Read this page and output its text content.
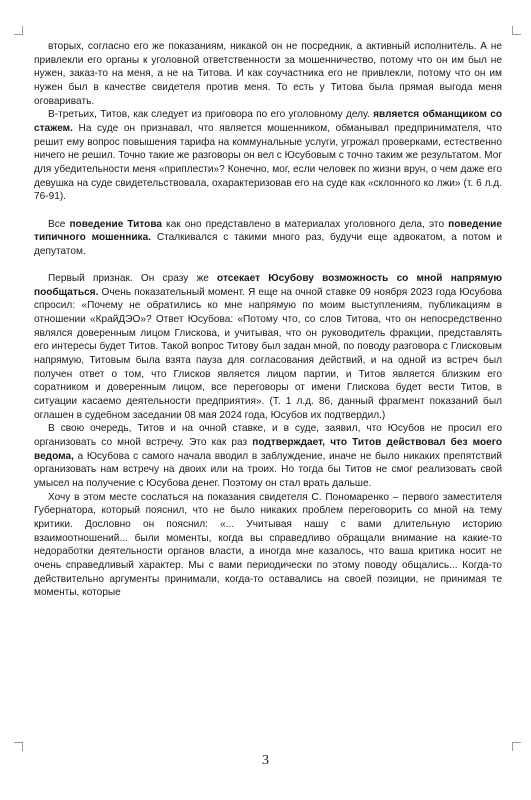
вторых, согласно его же показаниям, никакой он не посредник, а активный исполнитель. А не привлекли его органы к уголовной ответственности за мошенничество, потому что он им был не нужен, заказ-то на меня, а не на Титова. И как соучастника его не привлекли, потому что он им нужен был в качестве свидетеля против меня. То есть у Титова была прямая выгода меня оговаривать.

В-третьих, Титов, как следует из приговора по его уголовному делу. является обманщиком со стажем. На суде он признавал, что является мошенником, обманывал предпринимателя, что решит ему вопрос повышения тарифа на коммунальные услуги, угрожал проверками, естественно ничего не решил. Точно такие же разговоры он вел с Юсубовым с точно таким же результатом. Мог для убедительности меня «приплести»? Конечно, мог, если человек по жизни врун, о чем даже его девушка на суде свидетельствовала, охарактеризовав его на суде как «склонного ко лжи» (т. 6 л.д. 76-91).

Все поведение Титова как оно представлено в материалах уголовного дела, это поведение типичного мошенника. Сталкивался с такими много раз, будучи еще адвокатом, а потом и депутатом.

Первый признак. Он сразу же отсекает Юсубову возможность со мной напрямую пообщаться. Очень показательный момент. Я еще на очной ставке 09 ноября 2023 года Юсубова спросил: «Почему не обратились ко мне напрямую по моим выступлениям, публикациям в отношении «КрайДЭО»? Ответ Юсубова: «Потому что, со слов Титова, что он непосредственно являлся доверенным лицом Глискова, и учитывая, что он руководитель фракции, представлять его интересы будет Титов. Такой вопрос Титову был задан мной, по поводу разговора с Глисковым напрямую, Титовым была взята пауза для согласования действий, и на одной из встреч был получен ответ о том, что Глисков является лицом партии, и Титов является близким его соратником и доверенным лицом, все переговоры от имени Глискова будет вести Титов, в ситуации касаемо деятельности предприятия». (Т. 1 л.д. 86, данный фрагмент показаний был оглашен в судебном заседании 08 мая 2024 года, Юсубов их подтвердил.)

В свою очередь, Титов и на очной ставке, и в суде, заявил, что Юсубов не просил его организовать со мной встречу. Это как раз подтверждает, что Титов действовал без моего ведома, а Юсубова с самого начала вводил в заблуждение, иначе не было никаких препятствий организовать нам встречу на двоих или на троих. Но тогда бы Титов не смог реализовать свой умысел на получение с Юсубова денег. Поэтому он стал врать дальше.

Хочу в этом месте сослаться на показания свидетеля С. Пономаренко – первого заместителя Губернатора, который пояснил, что не было никаких проблем переговорить со мной на тему критики. Дословно он пояснил: «... Учитывая нашу с вами длительную историю взаимоотношений... были моменты, когда вы справедливо обращали внимание на какие-то недоработки деятельности органов власти, а иногда мне казалось, что ваша критика носит не очень справедливый характер. Мы с вами периодически по этому поводу общались... Когда-то действительно аргументы принимали, когда-то оставались на своей позиции, не принимая те моменты, которые

3
